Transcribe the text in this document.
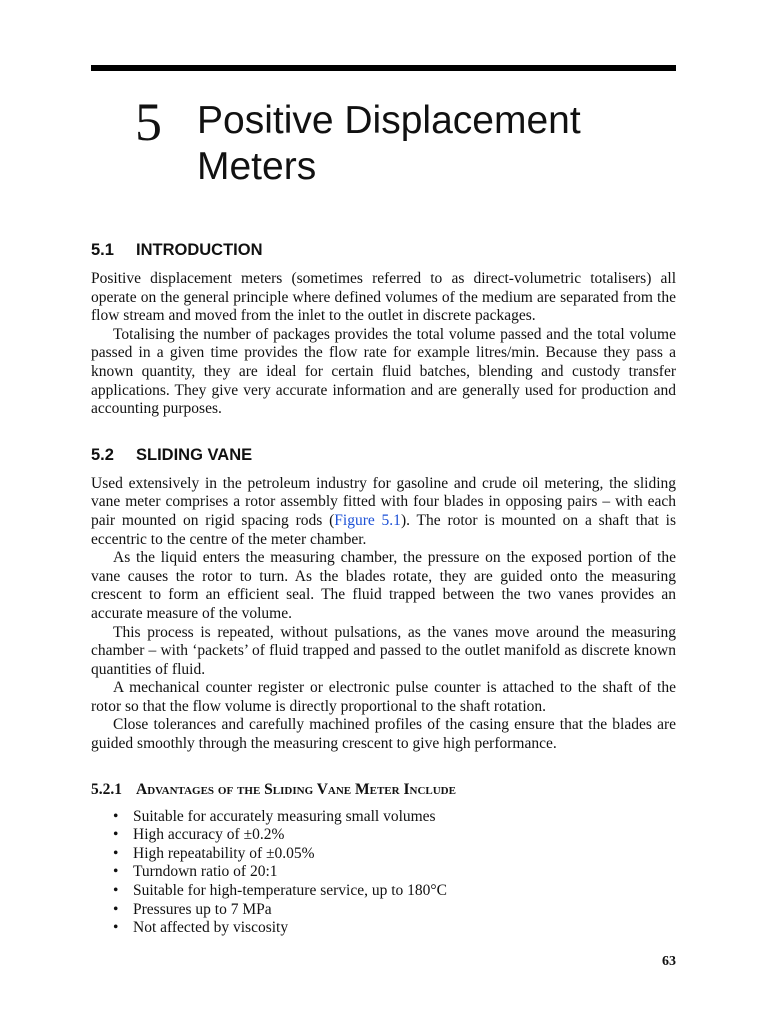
5 Positive Displacement
Meters
5.1 INTRODUCTION

Positive displacement meters (sometimes referred to as direct-volumetric totalisers) all operate on the general principle where defined volumes of the medium are separated from the flow stream and moved from the inlet to the outlet in discrete packages.

Totalising the number of packages provides the total volume passed and the total volume passed in a given time provides the flow rate for example litres/min. Because they pass a known quantity, they are ideal for certain fluid batches, blending and custody transfer applications. They give very accurate information and are generally used for production and accounting purposes.

5.2 SLIDING VANE

Used extensively in the petroleum industry for gasoline and crude oil metering, the sliding vane meter comprises a rotor assembly fitted with four blades in opposing pairs – with each pair mounted on rigid spacing rods (Figure 5.1). The rotor is mounted on a shaft that is eccentric to the centre of the meter chamber.

As the liquid enters the measuring chamber, the pressure on the exposed portion of the vane causes the rotor to turn. As the blades rotate, they are guided onto the measuring crescent to form an efficient seal. The fluid trapped between the two vanes provides an accurate measure of the volume.

This process is repeated, without pulsations, as the vanes move around the measuring chamber – with ‘packets’ of fluid trapped and passed to the outlet manifold as discrete known quantities of fluid.

A mechanical counter register or electronic pulse counter is attached to the shaft of the rotor so that the flow volume is directly proportional to the shaft rotation.

Close tolerances and carefully machined profiles of the casing ensure that the blades are guided smoothly through the measuring crescent to give high performance.

5.2.1 Advantages of the Sliding Vane Meter Include
• Suitable for accurately measuring small volumes
• High accuracy of ±0.2%
• High repeatability of ±0.05%
• Turndown ratio of 20:1
• Suitable for high-temperature service, up to 180°C
• Pressures up to 7 MPa
• Not affected by viscosity
63
